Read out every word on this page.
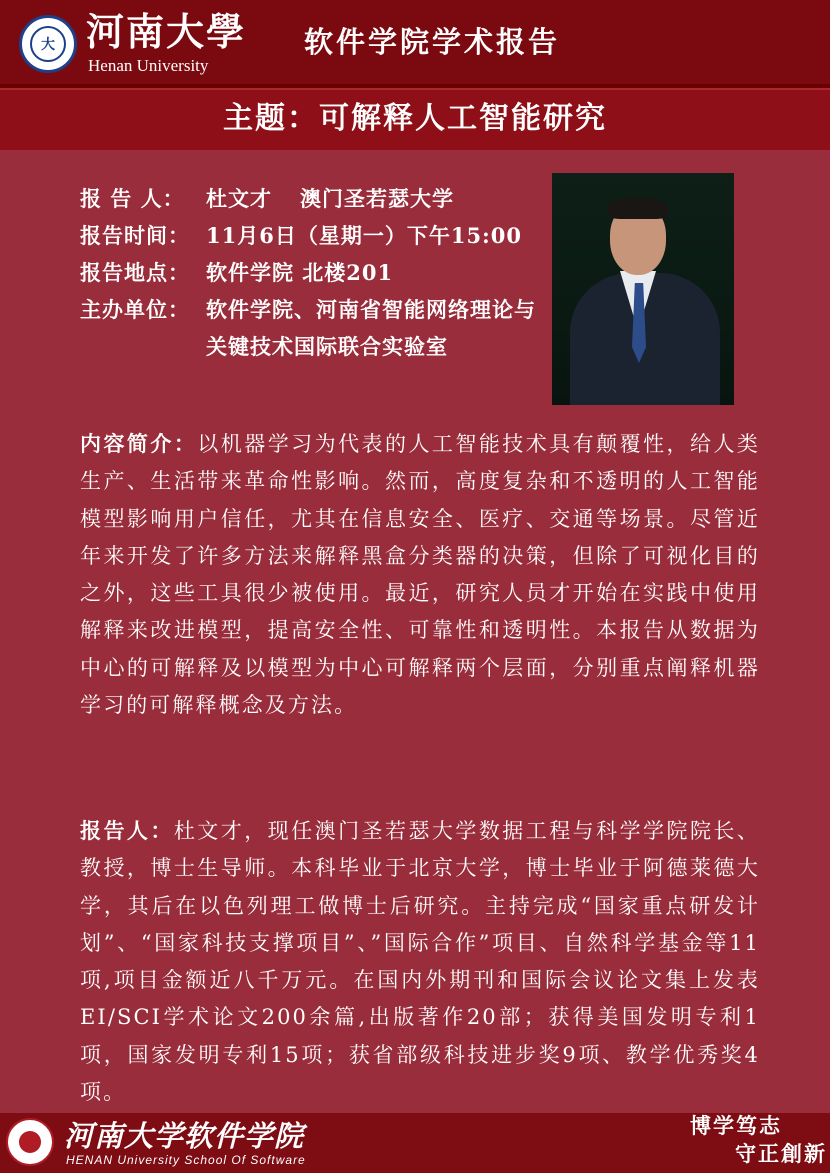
大 河南大學
Henan University
软件学院学术报告
主题：可解释人工智能研究
报 告 人：	杜文才 澳门圣若瑟大学
报告时间： 11月6日（星期一）下午15:00
报告地点： 软件学院 北楼201
主办单位： 软件学院、河南省智能网络理论与关键技术国际联合实验室
内容简介：以机器学习为代表的人工智能技术具有颠覆性，给人类生产、生活带来革命性影响。然而，高度复杂和不透明的人工智能模型影响用户信任，尤其在信息安全、医疗、交通等场景。尽管近年来开发了许多方法来解释黑盒分类器的决策，但除了可视化目的之外，这些工具很少被使用。最近，研究人员才开始在实践中使用解释来改进模型，提高安全性、可靠性和透明性。本报告从数据为中心的可解释及以模型为中心可解释两个层面，分别重点阐释机器学习的可解释概念及方法。
报告人：杜文才，现任澳门圣若瑟大学数据工程与科学学院院长、教授，博士生导师。本科毕业于北京大学，博士毕业于阿德莱德大学，其后在以色列理工做博士后研究。主持完成“国家重点研发计划”、“国家科技支撑项目”、”国际合作”项目、自然科学基金等11项,项目金额近八千万元。在国内外期刊和国际会议论文集上发表EI/SCI学术论文200余篇,出版著作20部；获得美国发明专利1项，国家发明专利15项；获省部级科技进步奖9项、教学优秀奖4项。
河南大学软件学院
HENAN University School Of Software
博学笃志
守正創新
